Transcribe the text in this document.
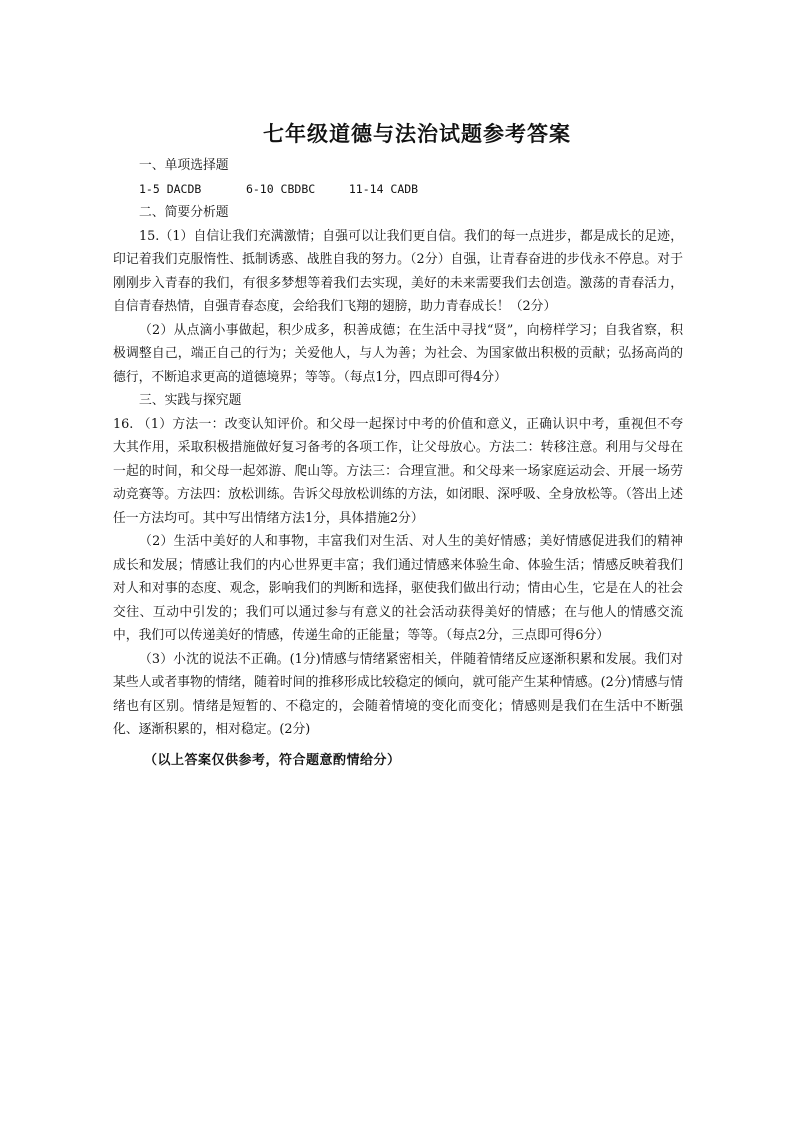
七年级道德与法治试题参考答案

一、单项选择题

1-5 DACDB	6-10 CBDBC	11-14 CADB

二、简要分析题

15.（1）自信让我们充满激情；自强可以让我们更自信。我们的每一点进步，都是成长的足迹，印记着我们克服惰性、抵制诱惑、战胜自我的努力。（2分）自强，让青春奋进的步伐永不停息。对于刚刚步入青春的我们，有很多梦想等着我们去实现，美好的未来需要我们去创造。激荡的青春活力，自信青春热情，自强青春态度，会给我们飞翔的翅膀，助力青春成长！（2分）

（2）从点滴小事做起，积少成多，积善成德；在生活中寻找“贤”，向榜样学习；自我省察，积极调整自己，端正自己的行为；关爱他人，与人为善；为社会、为国家做出积极的贡献；弘扬高尚的德行，不断追求更高的道德境界；等等。（每点1分，四点即可得4分）

三、实践与探究题

16. （1）方法一：改变认知评价。和父母一起探讨中考的价值和意义，正确认识中考，重视但不夸大其作用，采取积极措施做好复习备考的各项工作，让父母放心。方法二：转移注意。利用与父母在一起的时间，和父母一起郊游、爬山等。方法三：合理宣泄。和父母来一场家庭运动会、开展一场劳动竞赛等。方法四：放松训练。告诉父母放松训练的方法，如闭眼、深呼吸、全身放松等。（答出上述任一方法均可。其中写出情绪方法1分，具体措施2分）

（2）生活中美好的人和事物，丰富我们对生活、对人生的美好情感；美好情感促进我们的精神成长和发展；情感让我们的内心世界更丰富；我们通过情感来体验生命、体验生活；情感反映着我们对人和对事的态度、观念，影响我们的判断和选择，驱使我们做出行动；情由心生，它是在人的社会交往、互动中引发的；我们可以通过参与有意义的社会活动获得美好的情感；在与他人的情感交流中，我们可以传递美好的情感，传递生命的正能量；等等。（每点2分，三点即可得6分）

（3）小沈的说法不正确。(1分)情感与情绪紧密相关，伴随着情绪反应逐渐积累和发展。我们对某些人或者事物的情绪，随着时间的推移形成比较稳定的倾向，就可能产生某种情感。(2分)情感与情绪也有区别。情绪是短暂的、不稳定的，会随着情境的变化而变化；情感则是我们在生活中不断强化、逐渐积累的，相对稳定。(2分)

（以上答案仅供参考，符合题意酌情给分）
